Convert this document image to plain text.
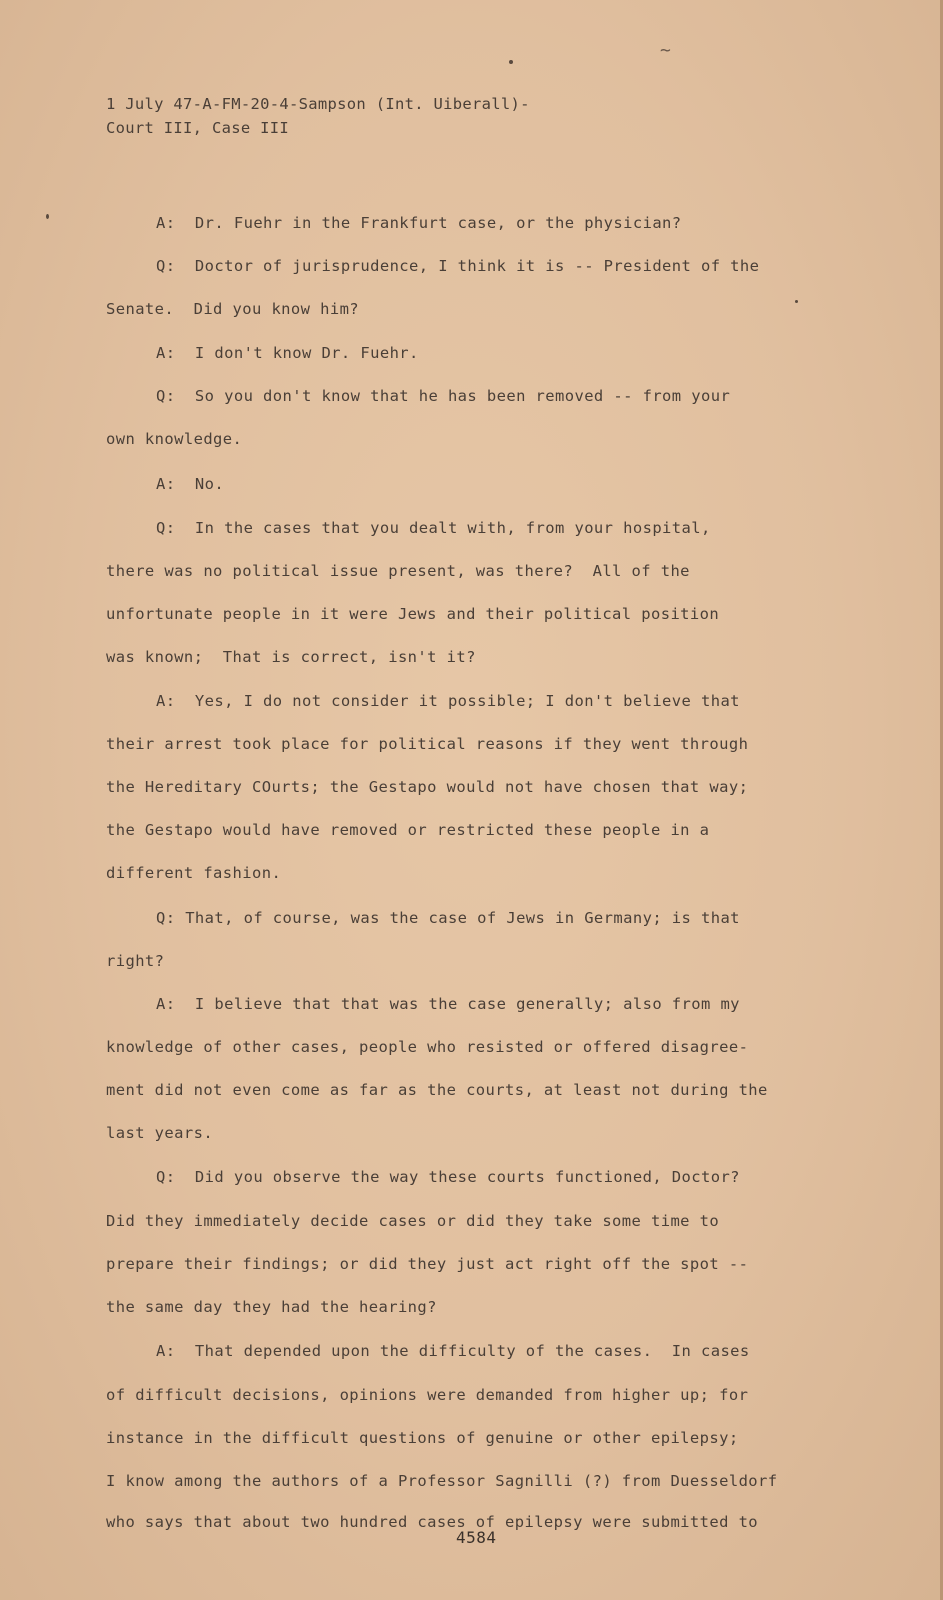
~
1 July 47-A-FM-20-4-Sampson (Int. Uiberall)-
Court III, Case III
A:  Dr. Fuehr in the Frankfurt case, or the physician?
Q:  Doctor of jurisprudence, I think it is -- President of the
Senate.  Did you know him?
A:  I don't know Dr. Fuehr.
Q:  So you don't know that he has been removed -- from your
own knowledge.
A:  No.
Q:  In the cases that you dealt with, from your hospital,
there was no political issue present, was there?  All of the
unfortunate people in it were Jews and their political position
was known;  That is correct, isn't it?
A:  Yes, I do not consider it possible; I don't believe that
their arrest took place for political reasons if they went through
the Hereditary COurts; the Gestapo would not have chosen that way;
the Gestapo would have removed or restricted these people in a
different fashion.
Q: That, of course, was the case of Jews in Germany; is that
right?
A:  I believe that that was the case generally; also from my
knowledge of other cases, people who resisted or offered disagree-
ment did not even come as far as the courts, at least not during the
last years.
Q:  Did you observe the way these courts functioned, Doctor?
Did they immediately decide cases or did they take some time to
prepare their findings; or did they just act right off the spot --
the same day they had the hearing?
A:  That depended upon the difficulty of the cases.  In cases
of difficult decisions, opinions were demanded from higher up; for
instance in the difficult questions of genuine or other epilepsy;
I know among the authors of a Professor Sagnilli (?) from Duesseldorf
who says that about two hundred cases of epilepsy were submitted to
4584
